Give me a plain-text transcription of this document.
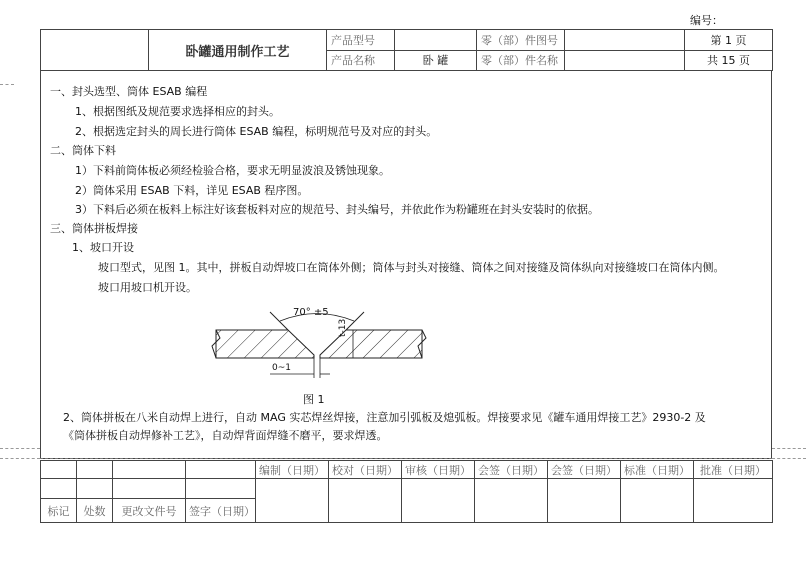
编号：
	卧罐通用制作工艺	产品型号		零（部）件图号		第 1 页
		产品名称	卧 罐	零（部）件名称		共 15 页
一、封头选型、筒体 ESAB 编程
1、根据图纸及规范要求选择相应的封头。
2、根据选定封头的周长进行筒体 ESAB 编程，标明规范号及对应的封头。
二、筒体下料
1）下料前筒体板必须经检验合格，要求无明显波浪及锈蚀现象。
2）筒体采用 ESAB 下料，详见 ESAB 程序图。
3）下料后必须在板料上标注好该套板料对应的规范号、封头编号，并依此作为粉罐班在封头安装时的依据。
三、筒体拼板焊接
1、坡口开设
坡口型式，见图 1。其中，拼板自动焊坡口在筒体外侧；筒体与封头对接缝、筒体之间对接缝及筒体纵向对接缝坡口在筒体内侧。
坡口用坡口机开设。
70° ±5
t-13
0~1
图 1
2、筒体拼板在八米自动焊上进行，自动 MAG 实芯焊丝焊接，注意加引弧板及熄弧板。焊接要求见《罐车通用焊接工艺》2930-2 及
《筒体拼板自动焊修补工艺》，自动焊背面焊缝不磨平，要求焊透。
				编制（日期）	校对（日期）	审核（日期）	会签（日期）	会签（日期）	标准（日期）	批准（日期）

标记	处数	更改文件号	签字（日期）							
